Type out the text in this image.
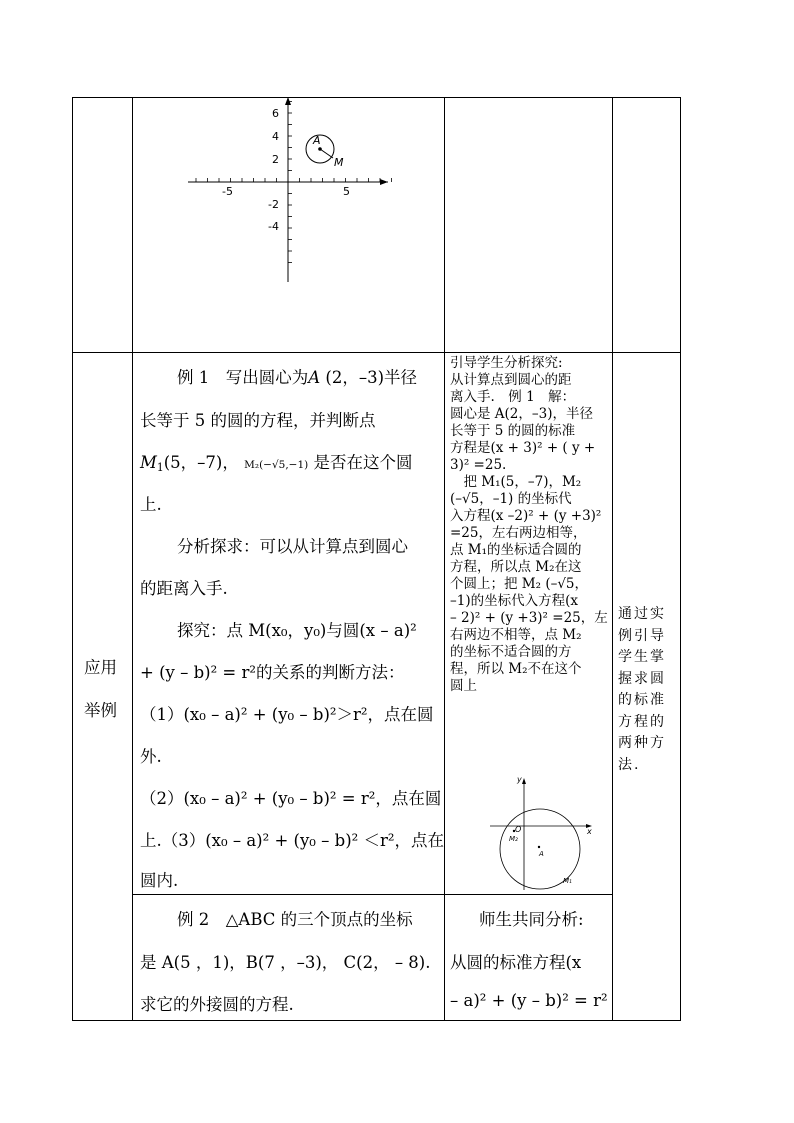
6
4
2
-2
-4
-5	5
A
M
应用
举例
例 1　写出圆心为A (2，–3)半径
长等于 5 的圆的方程，并判断点
$M_1(5$，–7)， M₂(−√5,−1) 是否在这个圆
上.
分析探求：可以从计算点到圆心
的距离入手.
探究：点 M(x₀，y₀)与圆(x – a)²
+ (y – b)² = r²的关系的判断方法：
（1）(x₀ – a)² + (y₀ – b)²＞r²，点在圆
外.
（2）(x₀ – a)² + (y₀ – b)² = r²，点在圆
上.（3）(x₀ – a)² + (y₀ – b)² ＜r²，点在
圆内.
引导学生分析探究:
从计算点到圆心的距
离入手.　例 1　解：
圆心是 A(2，–3)，半径
长等于 5 的圆的标准
方程是(x + 3)² + ( y +
3)² =25.
　把 M₁(5，–7)，M₂
(–√5，–1) 的坐标代
入方程(x –2)² + (y +3)²
=25，左右两边相等，
点 M₁的坐标适合圆的
方程，所以点 M₂在这
个圆上；把 M₂ (–√5，
–1)的坐标代入方程(x
– 2)² + (y +3)² =25，左
右两边不相等，点 M₂
的坐标不适合圆的方
程，所以 M₂不在这个
圆上
y
x
O
M₂
A
M₁
通过实
例引导
学生掌
握求圆
的标准
方程的
两种方
法.
例 2　△ABC 的三个顶点的坐标
是 A(5 ，1)，B(7 ，–3)， C(2， – 8).
求它的外接圆的方程.
师生共同分析:
从圆的标准方程(x
– a)² + (y – b)² = r²
